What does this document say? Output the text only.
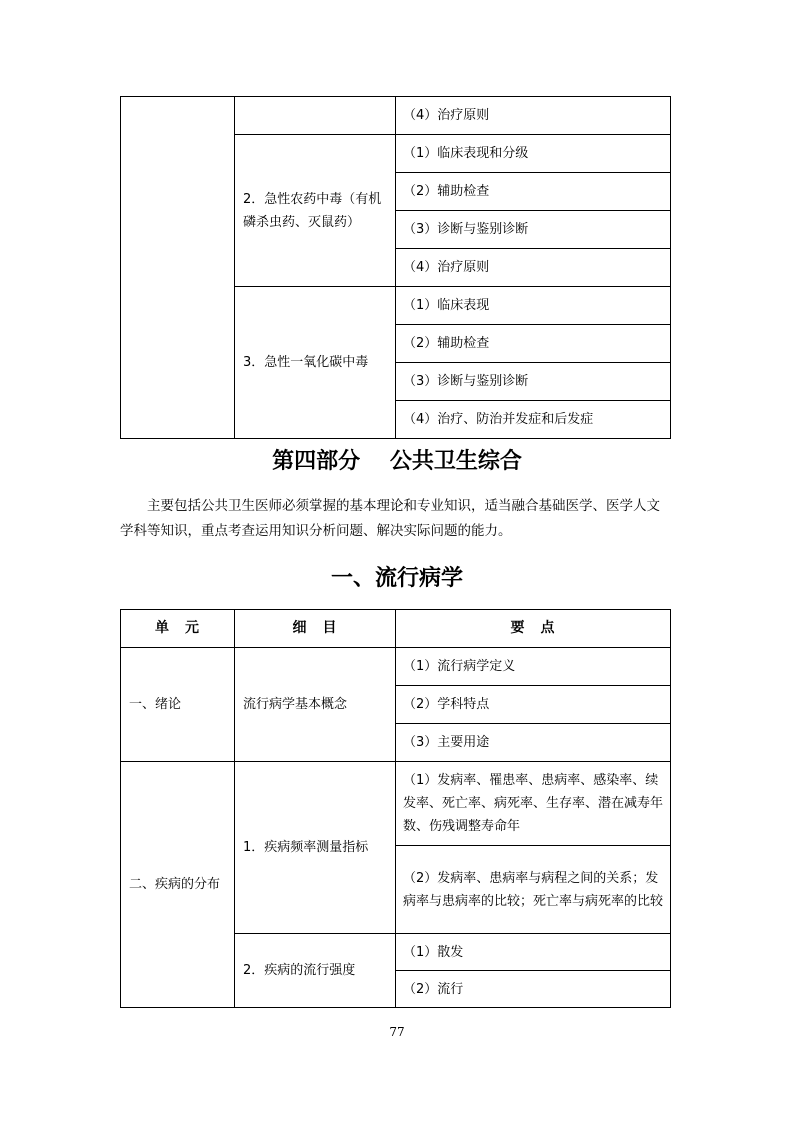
		（4）治疗原则
	2．急性农药中毒（有机磷杀虫药、灭鼠药）	（1）临床表现和分级
		（2）辅助检查
		（3）诊断与鉴别诊断
		（4）治疗原则
	3．急性一氧化碳中毒	（1）临床表现
		（2）辅助检查
		（3）诊断与鉴别诊断
		（4）治疗、防治并发症和后发症
第四部分　 公共卫生综合

主要包括公共卫生医师必须掌握的基本理论和专业知识，适当融合基础医学、医学人文学科等知识，重点考查运用知识分析问题、解决实际问题的能力。

一、流行病学
单　元	细　目	要　点
一、绪论	流行病学基本概念	（1）流行病学定义
		（2）学科特点
		（3）主要用途
二、疾病的分布	1．疾病频率测量指标	（1）发病率、罹患率、患病率、感染率、续发率、死亡率、病死率、生存率、潜在减寿年数、伤残调整寿命年
		（2）发病率、患病率与病程之间的关系；发病率与患病率的比较；死亡率与病死率的比较
	2．疾病的流行强度	（1）散发
		（2）流行
77
